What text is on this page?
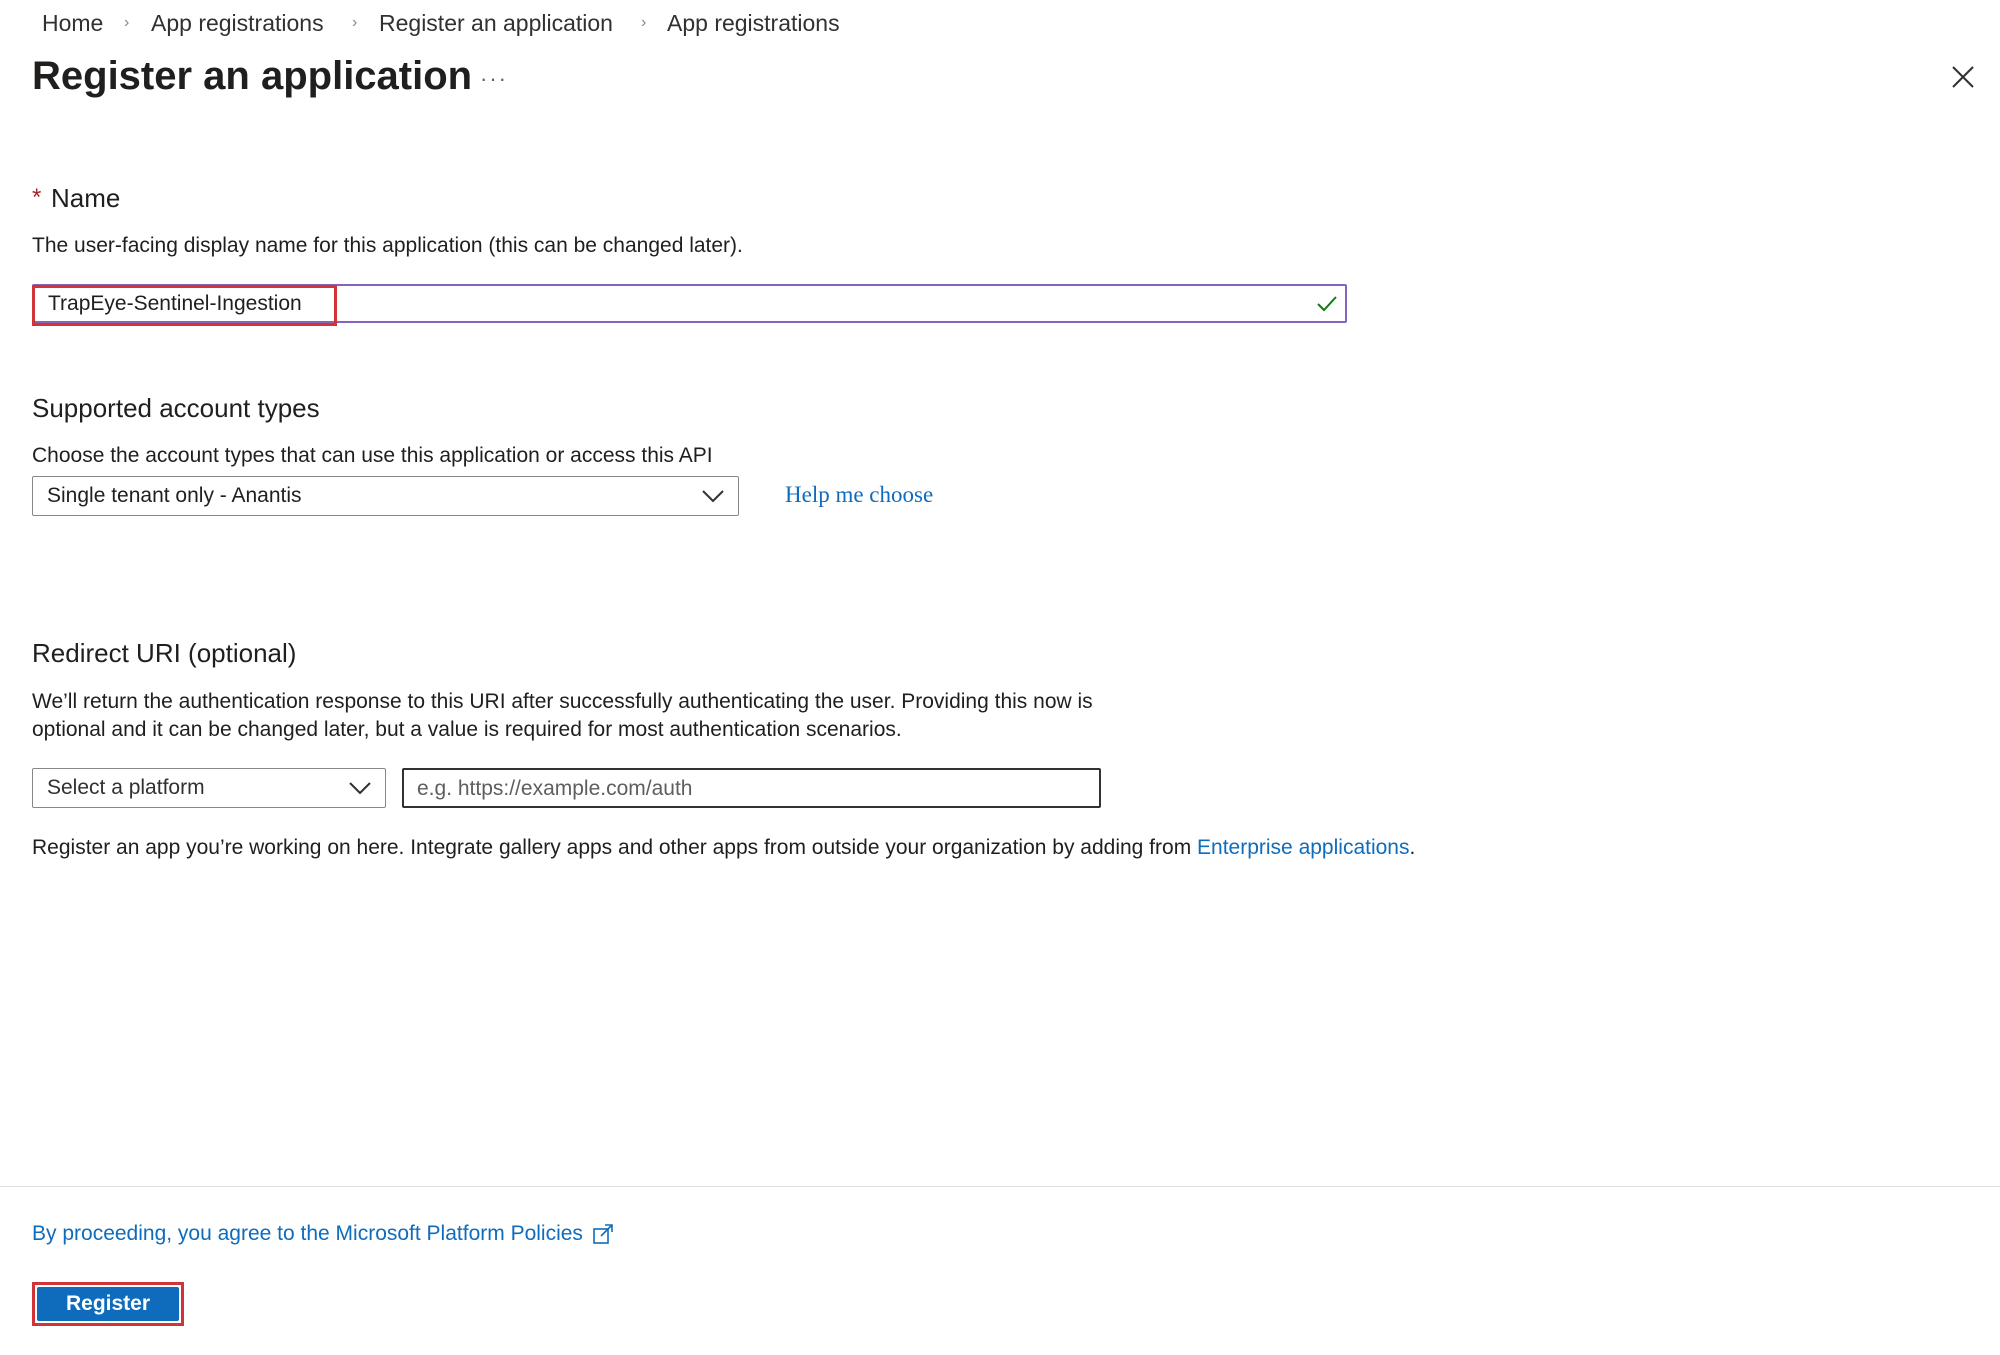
Home › App registrations › Register an application › App registrations
Register an application ···
* Name
The user-facing display name for this application (this can be changed later).
TrapEye-Sentinel-Ingestion
Supported account types
Choose the account types that can use this application or access this API
Single tenant only - Anantis	Help me choose
Redirect URI (optional)
We’ll return the authentication response to this URI after successfully authenticating the user. Providing this now is
optional and it can be changed later, but a value is required for most authentication scenarios.
Select a platform	e.g. https://example.com/auth

Register an app you’re working on here. Integrate gallery apps and other apps from outside your organization by adding from Enterprise applications.

By proceeding, you agree to the Microsoft Platform Policies
Register
